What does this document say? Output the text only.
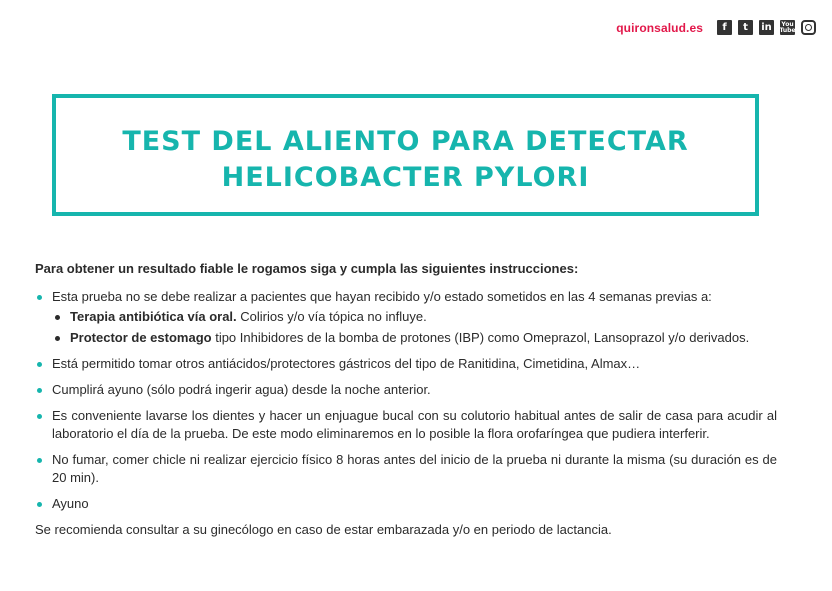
quironsalud.es	f	t	in	You
Tube
TEST DEL ALIENTO PARA DETECTAR
HELICOBACTER PYLORI

Para obtener un resultado fiable le rogamos siga y cumpla las siguientes instrucciones:

Esta prueba no se debe realizar a pacientes que hayan recibido y/o estado sometidos en las 4 semanas previas a:
Terapia antibiótica vía oral. Colirios y/o vía tópica no influye.
Protector de estomago tipo Inhibidores de la bomba de protones (IBP) como Omeprazol, Lansoprazol y/o derivados.
Está permitido tomar otros antiácidos/protectores gástricos del tipo de Ranitidina, Cimetidina, Almax…
Cumplirá ayuno (sólo podrá ingerir agua) desde la noche anterior.
Es conveniente lavarse los dientes y hacer un enjuague bucal con su colutorio habitual antes de salir de casa para acudir al laboratorio el día de la prueba. De este modo eliminaremos en lo posible la flora orofaríngea que pudiera interferir.
No fumar, comer chicle ni realizar ejercicio físico 8 horas antes del inicio de la prueba ni durante la misma (su duración es de 20 min).
Ayuno

Se recomienda consultar a su ginecólogo en caso de estar embarazada y/o en periodo de lactancia.
